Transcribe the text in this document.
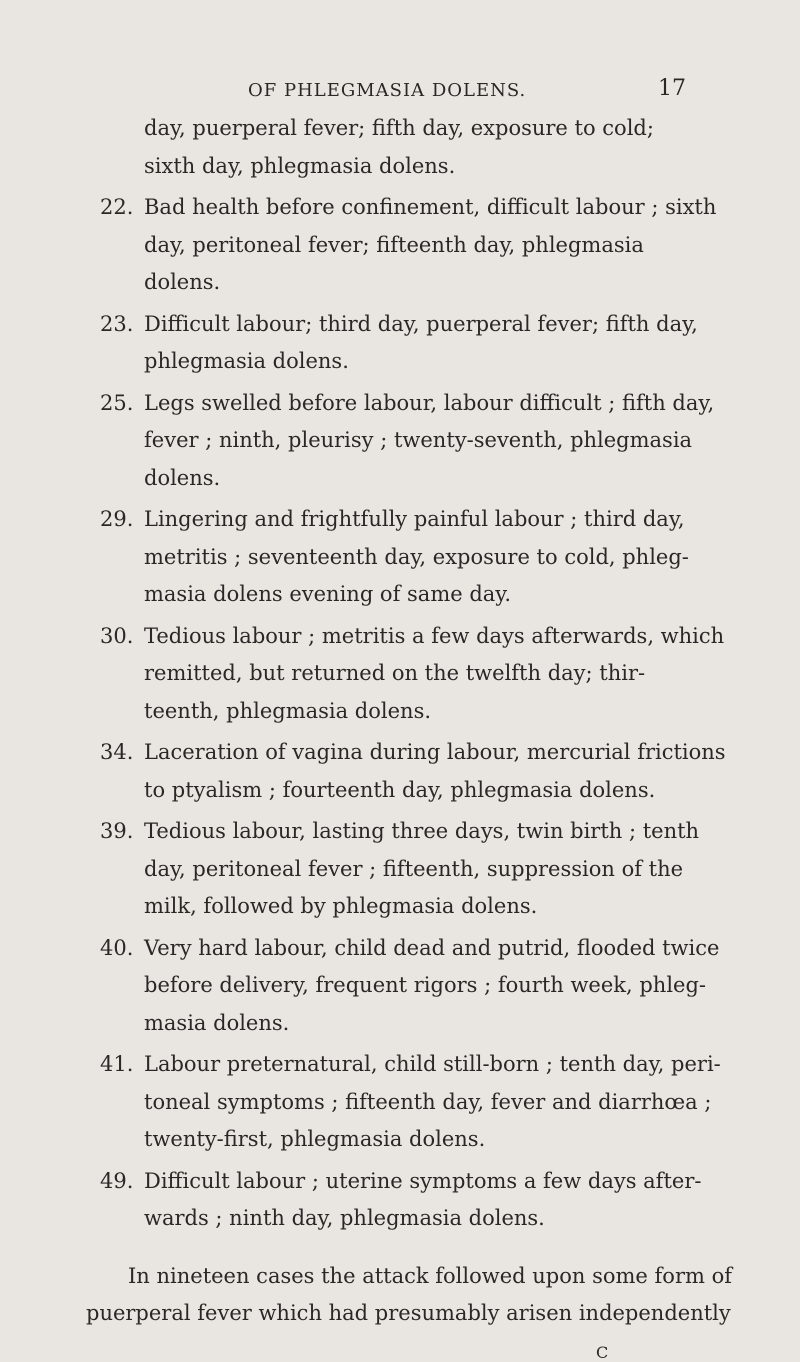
OF PHLEGMASIA DOLENS.	17
day, puerperal fever; fifth day, exposure to cold;
sixth day, phlegmasia dolens.
22. Bad health before confinement, difficult labour ; sixth
day, peritoneal fever; fifteenth day, phlegmasia
dolens.
23. Difficult labour; third day, puerperal fever; fifth day,
phlegmasia dolens.
25. Legs swelled before labour, labour difficult ; fifth day,
fever ; ninth, pleurisy ; twenty-seventh, phlegmasia
dolens.
29. Lingering and frightfully painful labour ; third day,
metritis ; seventeenth day, exposure to cold, phleg-
masia dolens evening of same day.
30. Tedious labour ; metritis a few days afterwards, which
remitted, but returned on the twelfth day; thir-
teenth, phlegmasia dolens.
34. Laceration of vagina during labour, mercurial frictions
to ptyalism ; fourteenth day, phlegmasia dolens.
39. Tedious labour, lasting three days, twin birth ; tenth
day, peritoneal fever ; fifteenth, suppression of the
milk, followed by phlegmasia dolens.
40. Very hard labour, child dead and putrid, flooded twice
before delivery, frequent rigors ; fourth week, phleg-
masia dolens.
41. Labour preternatural, child still-born ; tenth day, peri-
toneal symptoms ; fifteenth day, fever and diarrhœa ;
twenty-first, phlegmasia dolens.
49. Difficult labour ; uterine symptoms a few days after-
wards ; ninth day, phlegmasia dolens.
In nineteen cases the attack followed upon some form of
puerperal fever which had presumably arisen independently
C
